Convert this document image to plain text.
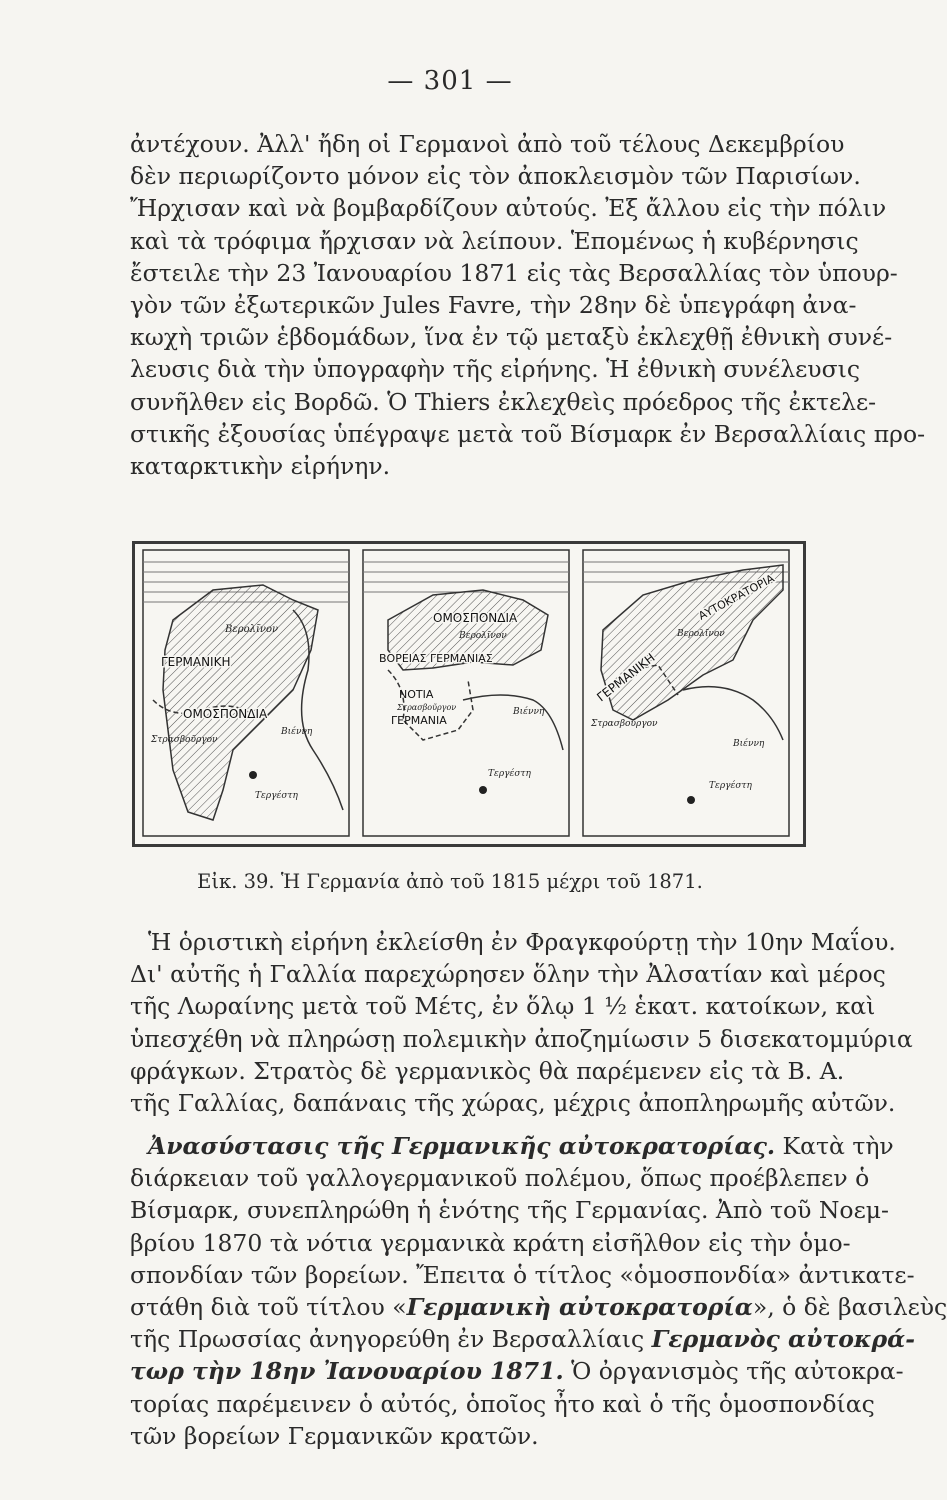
— 301 —
ἀντέχουν. Ἀλλ' ἤδη οἱ Γερμανοὶ ἀπὸ τοῦ τέλους Δεκεμβρίου
δὲν περιωρίζοντο μόνον εἰς τὸν ἀποκλεισμὸν τῶν Παρισίων.
Ἤρχισαν καὶ νὰ βομβαρδίζουν αὐτούς. Ἐξ ἄλλου εἰς τὴν πόλιν
καὶ τὰ τρόφιμα ἤρχισαν νὰ λείπουν. Ἑπομένως ἡ κυβέρνησις
ἔστειλε τὴν 23 Ἰανουαρίου 1871 εἰς τὰς Βερσαλλίας τὸν ὑπουρ-
γὸν τῶν ἐξωτερικῶν Jules Favre, τὴν 28ην δὲ ὑπεγράφη ἀνα-
κωχὴ τριῶν ἑβδομάδων, ἵνα ἐν τῷ μεταξὺ ἐκλεχθῇ ἐθνικὴ συνέ-
λευσις διὰ τὴν ὑπογραφὴν τῆς εἰρήνης. Ἡ ἐθνικὴ συνέλευσις
συνῆλθεν εἰς Βορδῶ. Ὁ Thiers ἐκλεχθεὶς πρόεδρος τῆς ἐκτελε-
στικῆς ἐξουσίας ὑπέγραψε μετὰ τοῦ Βίσμαρκ ἐν Βερσαλλίαις προ-
καταρκτικὴν εἰρήνην.
Βερολῖνον
ΓΕΡΜΑΝΙΚΗ
ΟΜΟΣΠΟΝΔΙΑ
Βιέννη
Στρασβοῦργον
Τεργέστη
ΟΜΟΣΠΟΝΔΙΑ
Βερολῖνον
ΒΟΡΕΙΑΣ ΓΕΡΜΑΝΙΑΣ
ΝΟΤΙΑ
Στρασβοῦργον
ΓΕΡΜΑΝΙΑ
Βιέννη
Τεργέστη
ΑΥΤΟΚΡΑΤΟΡΙΑ
ΓΕΡΜΑΝΙΚΗ
Βερολῖνον
Στρασβοῦργον
Βιέννη
Τεργέστη
Εἰκ. 39. Ἡ Γερμανία ἀπὸ τοῦ 1815 μέχρι τοῦ 1871.
Ἡ ὁριστικὴ εἰρήνη ἐκλείσθη ἐν Φραγκφούρτῃ τὴν 10ην Μαΐου.
Δι' αὐτῆς ἡ Γαλλία παρεχώρησεν ὅλην τὴν Ἀλσατίαν καὶ μέρος
τῆς Λωραίνης μετὰ τοῦ Μέτς, ἐν ὅλῳ 1 ½ ἑκατ. κατοίκων, καὶ
ὑπεσχέθη νὰ πληρώσῃ πολεμικὴν ἀποζημίωσιν 5 δισεκατομμύρια
φράγκων. Στρατὸς δὲ γερμανικὸς θὰ παρέμενεν εἰς τὰ Β. Α.
τῆς Γαλλίας, δαπάναις τῆς χώρας, μέχρις ἀποπληρωμῆς αὐτῶν.
Ἀνασύστασις τῆς Γερμανικῆς αὐτοκρατορίας. Κατὰ τὴν
διάρκειαν τοῦ γαλλογερμανικοῦ πολέμου, ὅπως προέβλεπεν ὁ
Βίσμαρκ, συνεπληρώθη ἡ ἑνότης τῆς Γερμανίας. Ἀπὸ τοῦ Νοεμ-
βρίου 1870 τὰ νότια γερμανικὰ κράτη εἰσῆλθον εἰς τὴν ὁμο-
σπονδίαν τῶν βορείων. Ἔπειτα ὁ τίτλος «ὁμοσπονδία» ἀντικατε-
στάθη διὰ τοῦ τίτλου «Γερμανικὴ αὐτοκρατορία», ὁ δὲ βασιλεὺς
τῆς Πρωσσίας ἀνηγορεύθη ἐν Βερσαλλίαις Γερμανὸς αὐτοκρά-
τωρ τὴν 18ην Ἰανουαρίου 1871. Ὁ ὀργανισμὸς τῆς αὐτοκρα-
τορίας παρέμεινεν ὁ αὐτός, ὁποῖος ἦτο καὶ ὁ τῆς ὁμοσπονδίας
τῶν βορείων Γερμανικῶν κρατῶν.
